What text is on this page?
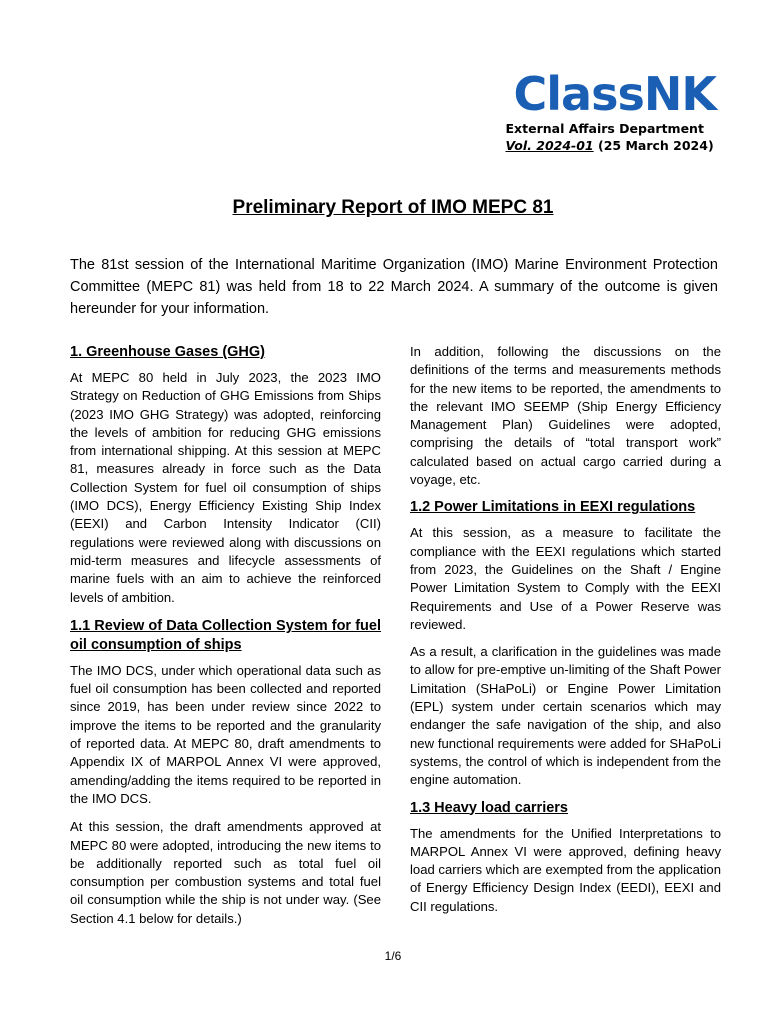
ClassNK
External Affairs Department
Vol. 2024-01 (25 March 2024)
Preliminary Report of IMO MEPC 81

The 81st session of the International Maritime Organization (IMO) Marine Environment Protection Committee (MEPC 81) was held from 18 to 22 March 2024. A summary of the outcome is given hereunder for your information.

1. Greenhouse Gases (GHG)

At MEPC 80 held in July 2023, the 2023 IMO Strategy on Reduction of GHG Emissions from Ships (2023 IMO GHG Strategy) was adopted, reinforcing the levels of ambition for reducing GHG emissions from international shipping. At this session at MEPC 81, measures already in force such as the Data Collection System for fuel oil consumption of ships (IMO DCS), Energy Efficiency Existing Ship Index (EEXI) and Carbon Intensity Indicator (CII) regulations were reviewed along with discussions on mid-term measures and lifecycle assessments of marine fuels with an aim to achieve the reinforced levels of ambition.

1.1 Review of Data Collection System for fuel oil consumption of ships

The IMO DCS, under which operational data such as fuel oil consumption has been collected and reported since 2019, has been under review since 2022 to improve the items to be reported and the granularity of reported data. At MEPC 80, draft amendments to Appendix IX of MARPOL Annex VI were approved, amending/adding the items required to be reported in the IMO DCS.

At this session, the draft amendments approved at MEPC 80 were adopted, introducing the new items to be additionally reported such as total fuel oil consumption per combustion systems and total fuel oil consumption while the ship is not under way. (See Section 4.1 below for details.)

In addition, following the discussions on the definitions of the terms and measurements methods for the new items to be reported, the amendments to the relevant IMO SEEMP (Ship Energy Efficiency Management Plan) Guidelines were adopted, comprising the details of “total transport work” calculated based on actual cargo carried during a voyage, etc.

1.2 Power Limitations in EEXI regulations

At this session, as a measure to facilitate the compliance with the EEXI regulations which started from 2023, the Guidelines on the Shaft / Engine Power Limitation System to Comply with the EEXI Requirements and Use of a Power Reserve was reviewed.

As a result, a clarification in the guidelines was made to allow for pre-emptive un-limiting of the Shaft Power Limitation (SHaPoLi) or Engine Power Limitation (EPL) system under certain scenarios which may endanger the safe navigation of the ship, and also new functional requirements were added for SHaPoLi systems, the control of which is independent from the engine automation.

1.3 Heavy load carriers

The amendments for the Unified Interpretations to MARPOL Annex VI were approved, defining heavy load carriers which are exempted from the application of Energy Efficiency Design Index (EEDI), EEXI and CII regulations.

1/6
